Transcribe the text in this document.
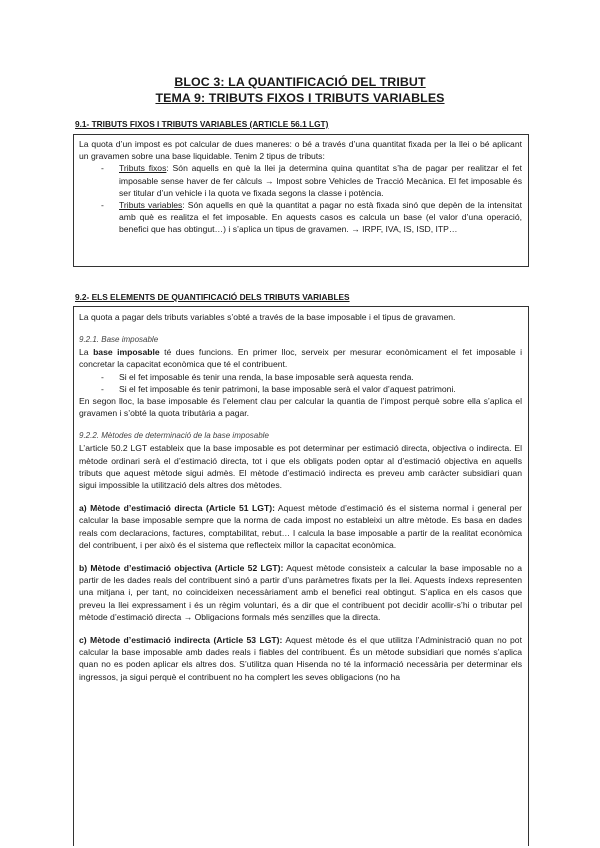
BLOC 3: LA QUANTIFICACIÓ DEL TRIBUT
TEMA 9: TRIBUTS FIXOS I TRIBUTS VARIABLES
9.1- TRIBUTS FIXOS I TRIBUTS VARIABLES (ARTICLE 56.1 LGT)

La quota d’un impost es pot calcular de dues maneres: o bé a través d’una quantitat fixada per la llei o bé aplicant un gravamen sobre una base liquidable. Tenim 2 tipus de tributs:

- Tributs fixos: Són aquells en què la llei ja determina quina quantitat s’ha de pagar per realitzar el fet imposable sense haver de fer càlculs → Impost sobre Vehicles de Tracció Mecànica. El fet imposable és ser titular d’un vehicle i la quota ve fixada segons la classe i potència.
- Tributs variables: Són aquells en què la quantitat a pagar no està fixada sinó que depèn de la intensitat amb què es realitza el fet imposable. En aquests casos es calcula un base (el valor d’una operació, benefici que has obtingut…) i s’aplica un tipus de gravamen. → IRPF, IVA, IS, ISD, ITP…
9.2- ELS ELEMENTS DE QUANTIFICACIÓ DELS TRIBUTS VARIABLES

La quota a pagar dels tributs variables s’obté a través de la base imposable i el tipus de gravamen.

9.2.1. Base imposable

La base imposable té dues funcions. En primer lloc, serveix per mesurar econòmicament el fet imposable i concretar la capacitat econòmica que té el contribuent.

- Si el fet imposable és tenir una renda, la base imposable serà aquesta renda.
- Si el fet imposable és tenir patrimoni, la base imposable serà el valor d’aquest patrimoni.

En segon lloc, la base imposable és l’element clau per calcular la quantia de l’impost perquè sobre ella s’aplica el gravamen i s’obté la quota tributària a pagar.

9.2.2. Mètodes de determinació de la base imposable

L’article 50.2 LGT estableix que la base imposable es pot determinar per estimació directa, objectiva o indirecta. El mètode ordinari serà el d’estimació directa, tot i que els obligats poden optar al d’estimació objectiva en aquells tributs que aquest mètode sigui admès. El mètode d’estimació indirecta es preveu amb caràcter subsidiari quan sigui impossible la utilització dels altres dos mètodes.

a) Mètode d’estimació directa (Article 51 LGT): Aquest mètode d’estimació és el sistema normal i general per calcular la base imposable sempre que la norma de cada impost no estableixi un altre mètode. Es basa en dades reals com declaracions, factures, comptabilitat, rebut… I calcula la base imposable a partir de la realitat econòmica del contribuent, i per això és el sistema que reflecteix millor la capacitat econòmica.

b) Mètode d’estimació objectiva (Article 52 LGT): Aquest mètode consisteix a calcular la base imposable no a partir de les dades reals del contribuent sinó a partir d’uns paràmetres fixats per la llei. Aquests índexs representen una mitjana i, per tant, no coincideixen necessàriament amb el benefici real obtingut. S’aplica en els casos que preveu la llei expressament i és un règim voluntari, és a dir que el contribuent pot decidir acollir-s’hi o tributar pel mètode d’estimació directa → Obligacions formals més senzilles que la directa.

c) Mètode d’estimació indirecta (Article 53 LGT): Aquest mètode és el que utilitza l’Administració quan no pot calcular la base imposable amb dades reals i fiables del contribuent. És un mètode subsidiari que només s’aplica quan no es poden aplicar els altres dos. S’utilitza quan Hisenda no té la informació necessària per determinar els ingressos, ja sigui perquè el contribuent no ha complert les seves obligacions (no ha
